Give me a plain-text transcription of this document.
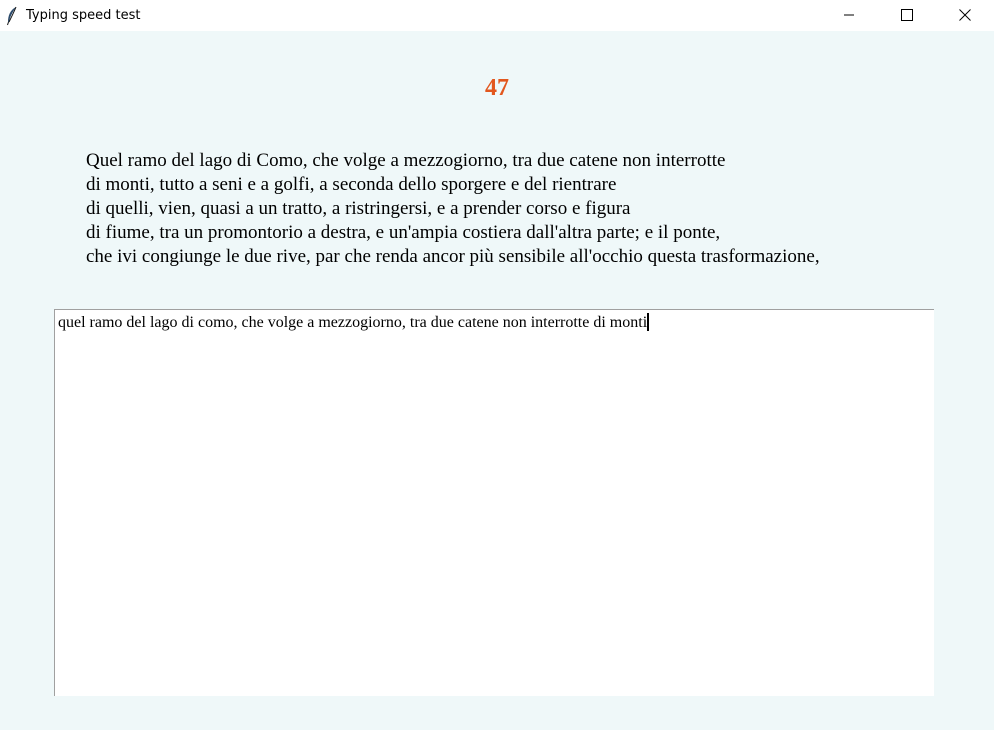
Typing speed test
47
Quel ramo del lago di Como, che volge a mezzogiorno, tra due catene non interrotte
di monti, tutto a seni e a golfi, a seconda dello sporgere e del rientrare
di quelli, vien, quasi a un tratto, a ristringersi, e a prender corso e figura
di fiume, tra un promontorio a destra, e un'ampia costiera dall'altra parte; e il ponte,
che ivi congiunge le due rive, par che renda ancor più sensibile all'occhio questa trasformazione,
quel ramo del lago di como, che volge a mezzogiorno, tra due catene non interrotte di monti
